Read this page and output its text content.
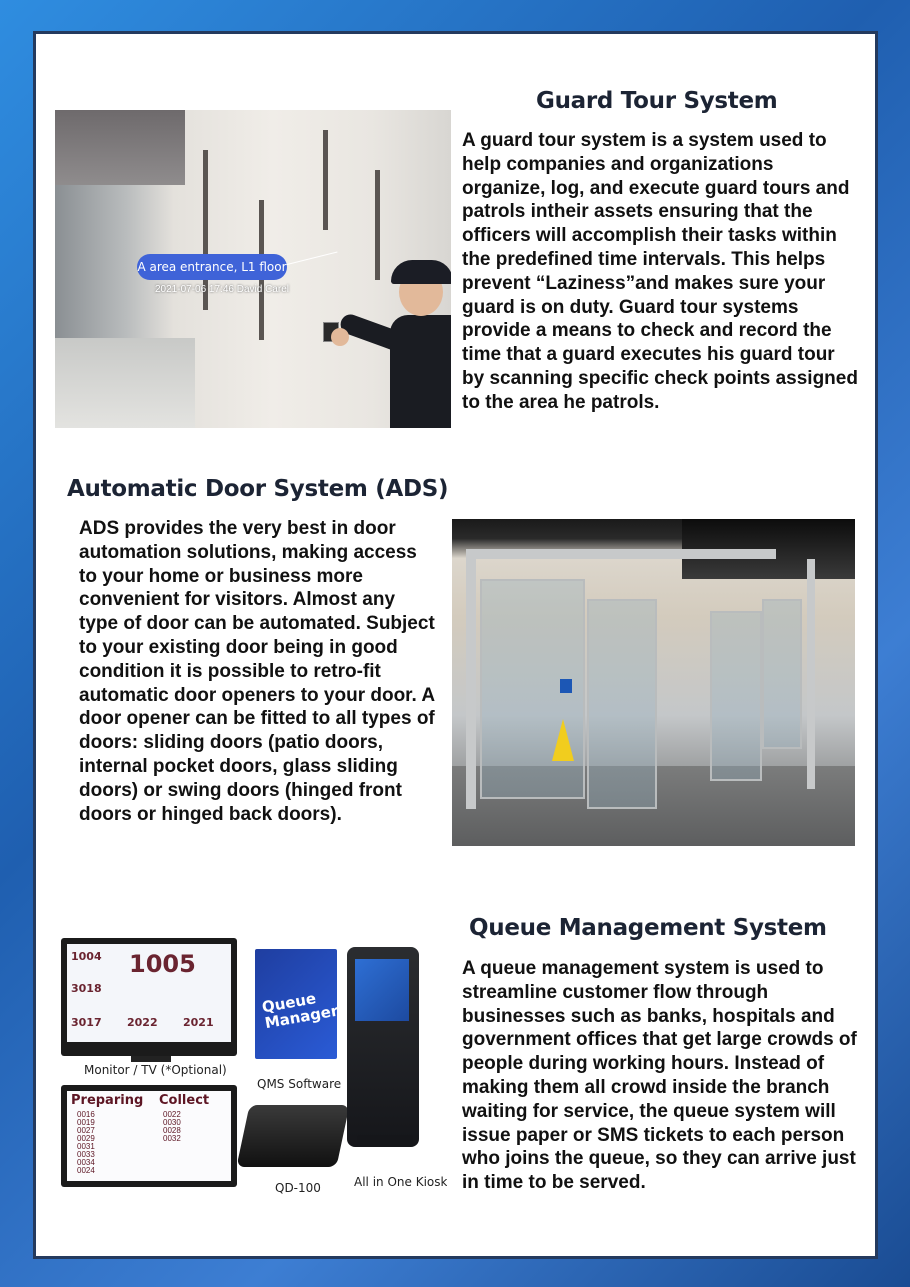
Guard Tour System
A area entrance, L1 floor
2021-07-06 17:46 David Carel

A guard tour system is a system used to help companies and organizations organize, log, and execute guard tours and patrols intheir assets ensuring that the officers will accomplish their tasks within the predefined time intervals. This helps prevent “Laziness”and makes sure your guard is on duty. Guard tour systems provide a means to check and record the time that a guard executes his guard tour by scanning specific check points assigned to the area he patrols.

Automatic Door System (ADS)

ADS provides the very best in door automation solutions, making access to your home or business more convenient for visitors. Almost any type of door can be automated. Subject to your existing door being in good condition it is possible to retro-fit automatic door openers to your door. A door opener can be fitted to all types of doors: sliding doors (patio doors, internal pocket doors, glass sliding doors) or swing doors (hinged front doors or hinged back doors).

Queue Management System
1004 1005
3018
3017 2022 2021
Monitor / TV (*Optional)
Queue Manager
QMS Software
Preparing Collect
0016
0019
0027
0029
0031
0033
0034
0024
0022
0030
0028
0032
QD-100	All in One Kiosk

A queue management system is used to streamline customer flow through businesses such as banks, hospitals and government offices that get large crowds of people during working hours. Instead of making them all crowd inside the branch waiting for service, the queue system will issue paper or SMS tickets to each person who joins the queue, so they can arrive just in time to be served.
